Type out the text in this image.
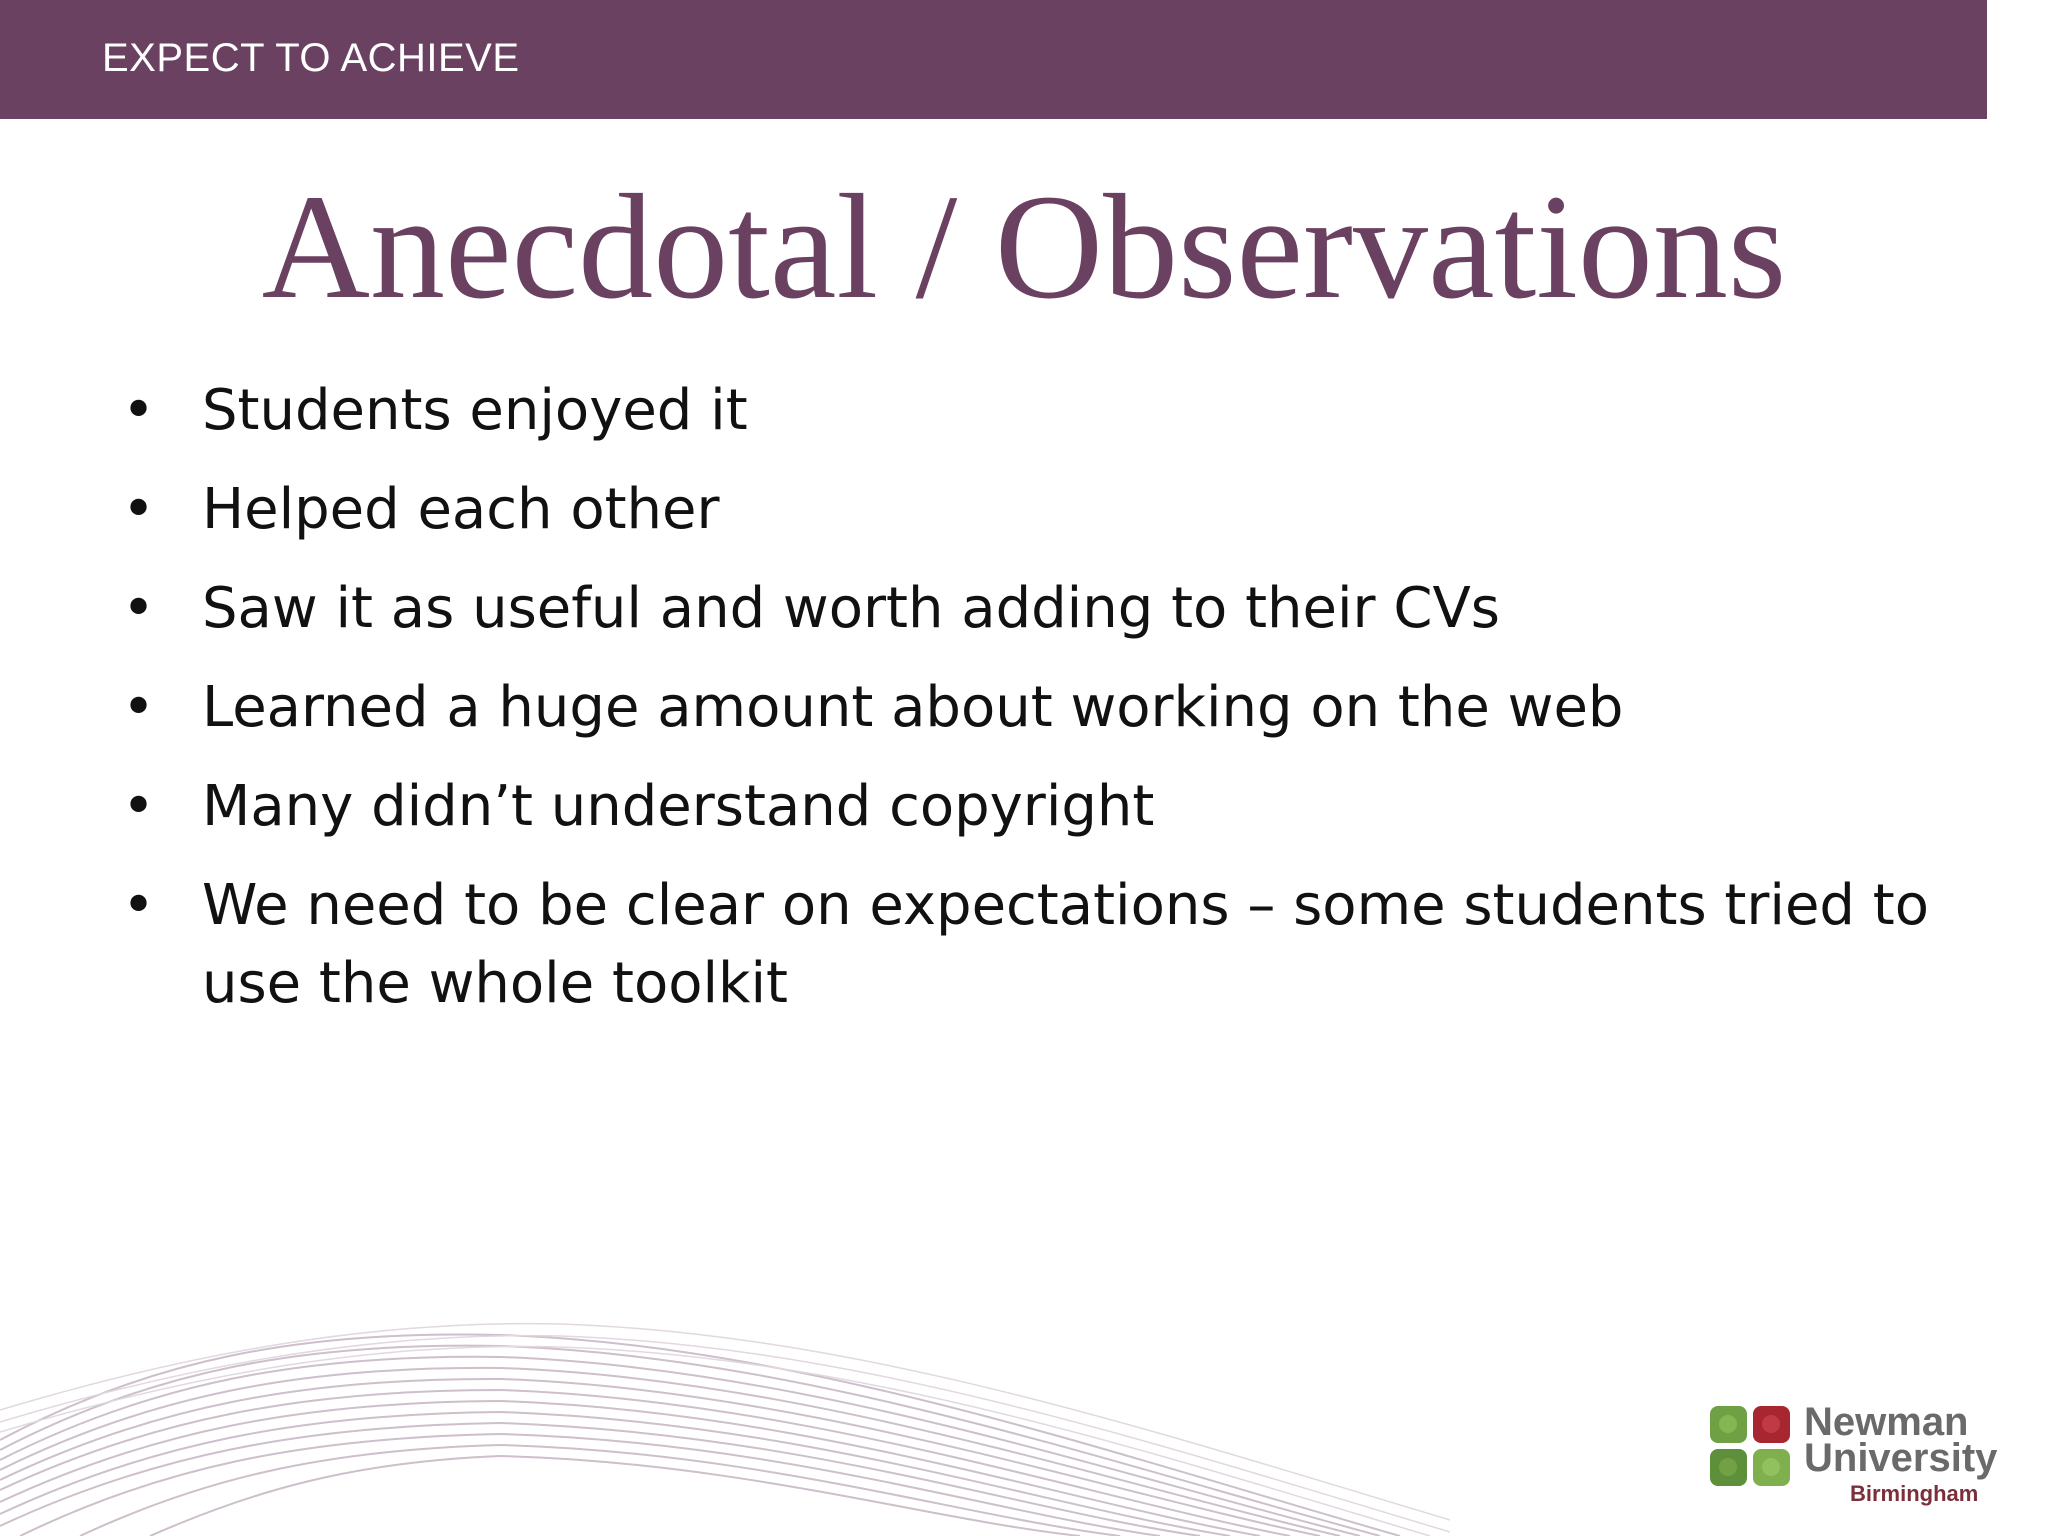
EXPECT TO ACHIEVE
Anecdotal / Observations
• Students enjoyed it
• Helped each other
• Saw it as useful and worth adding to their CVs
• Learned a huge amount about working on the web
• Many didn’t understand copyright
• We need to be clear on expectations – some students tried to use the whole toolkit
Newman
University
Birmingham
